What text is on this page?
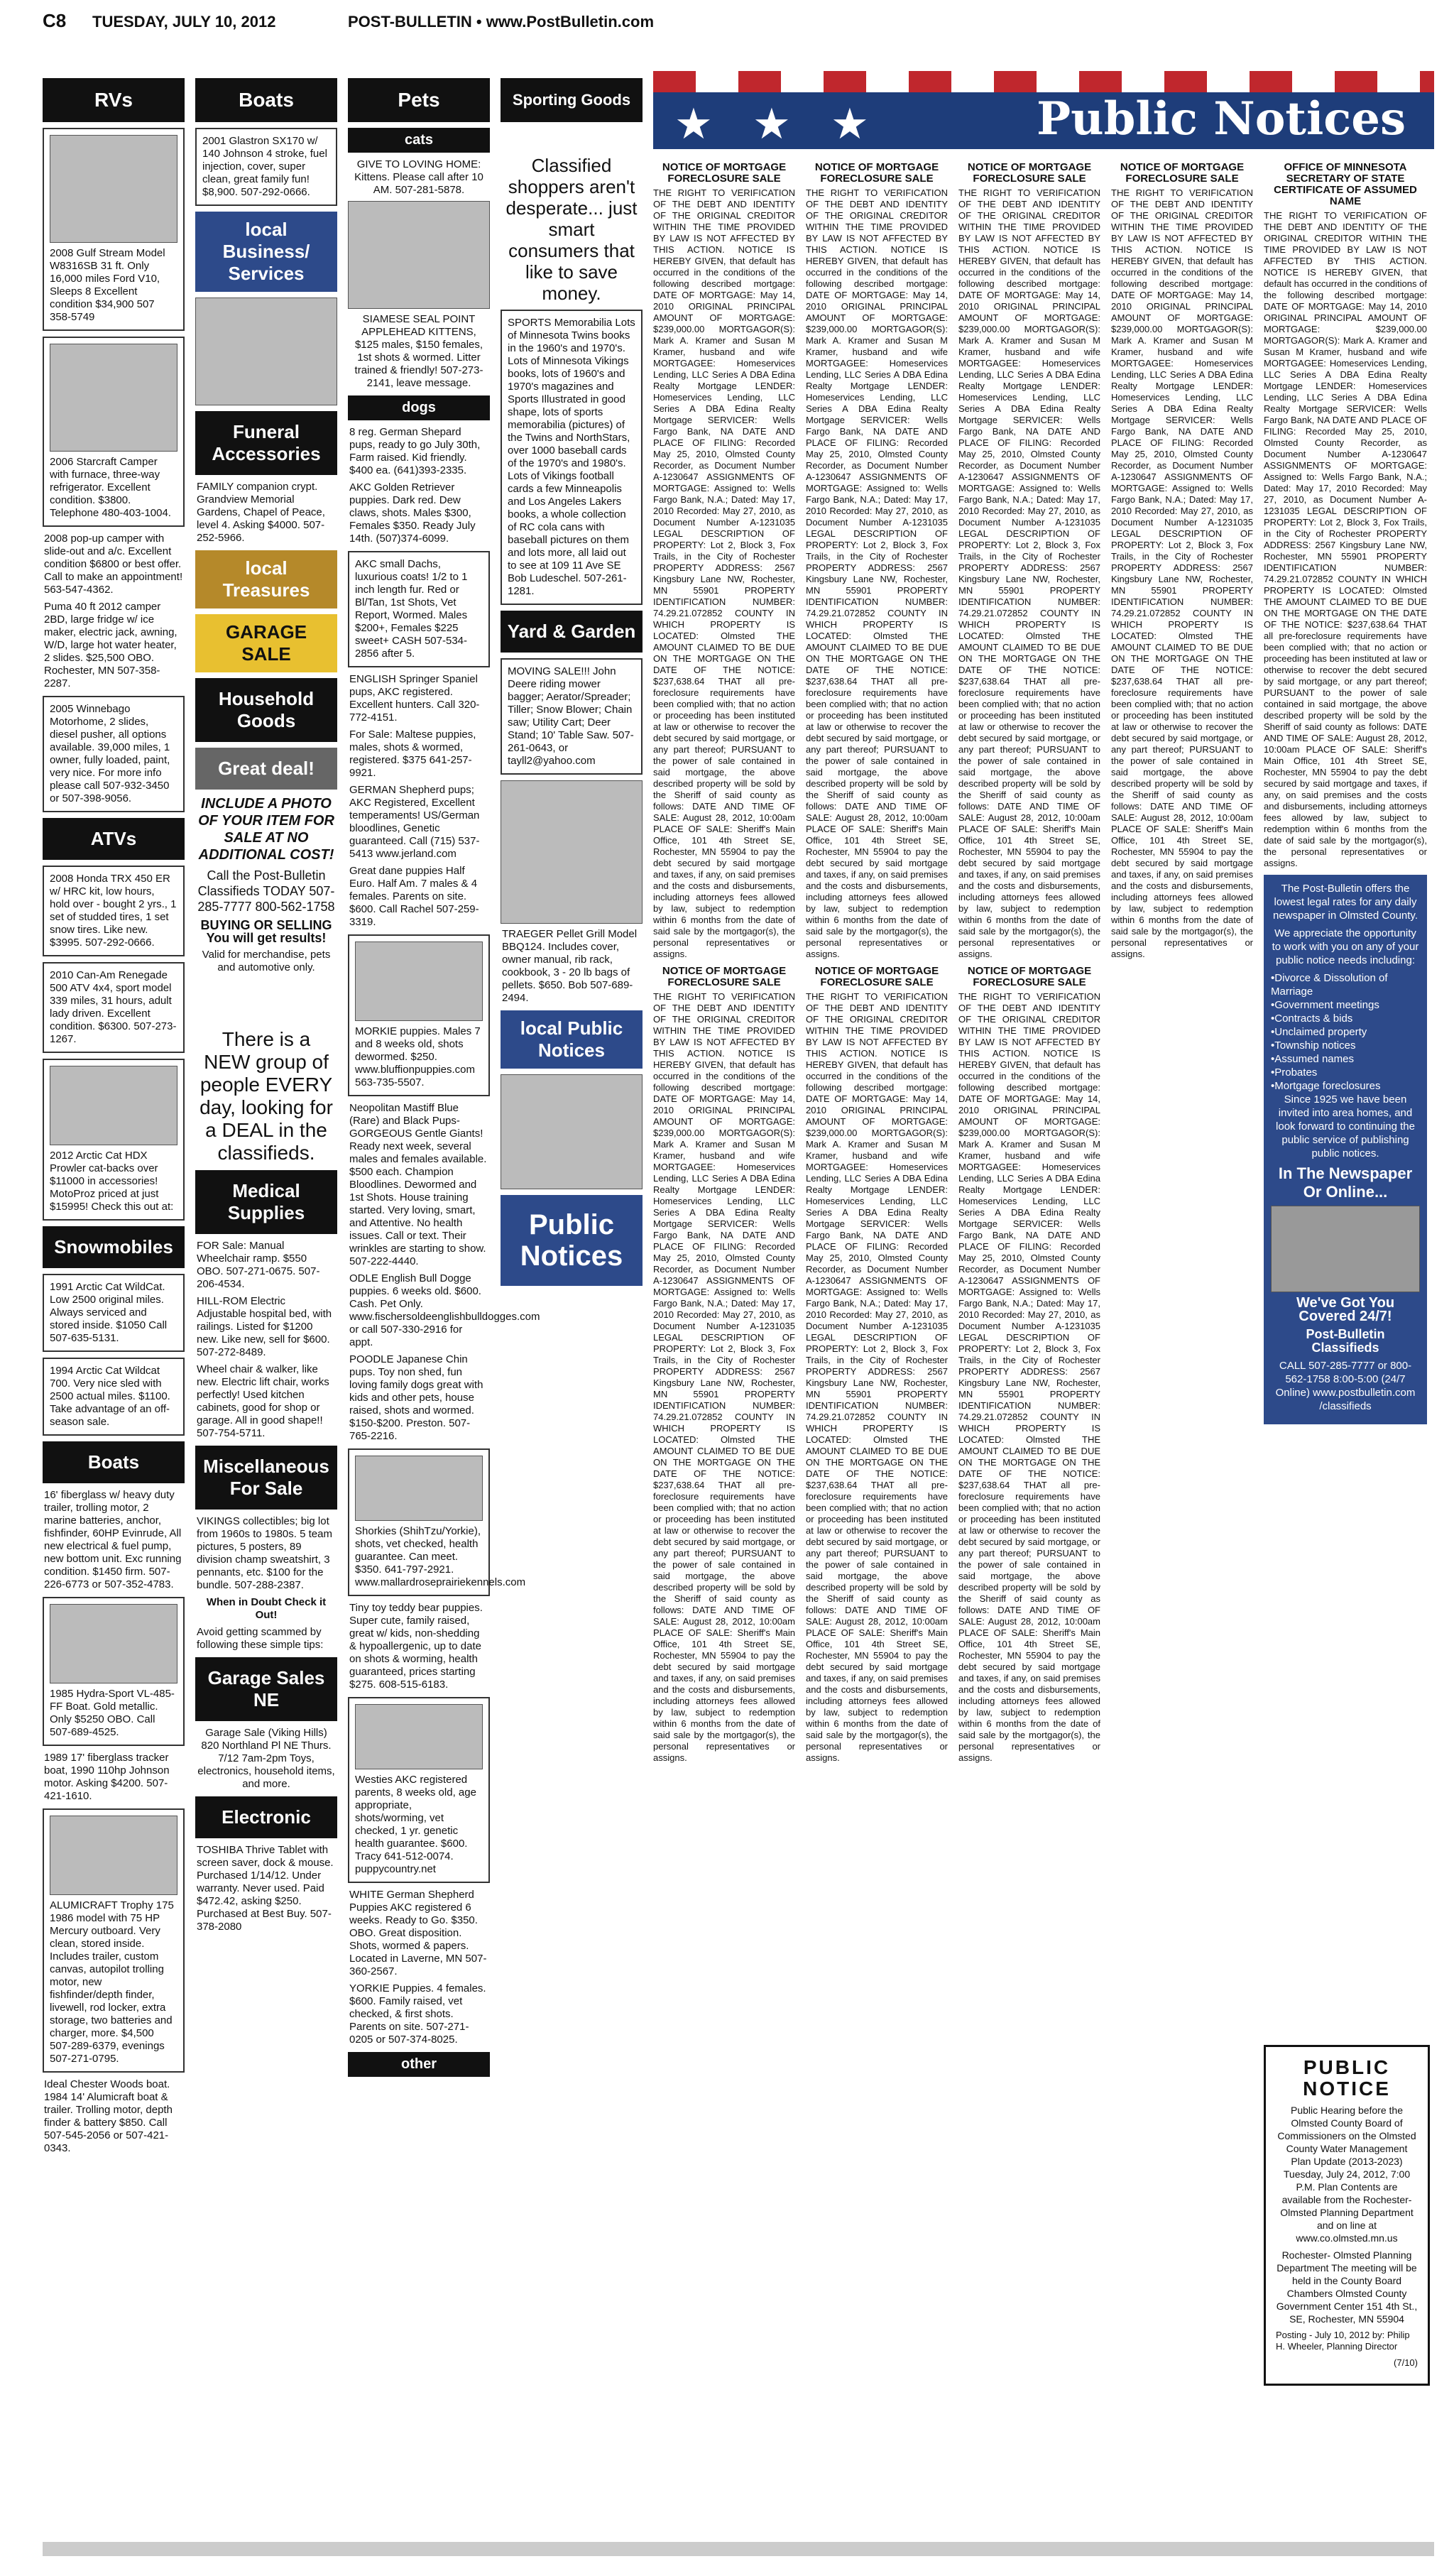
C8 TUESDAY, JULY 10, 2012	POST-BULLETIN • www.PostBulletin.com
RVs
2008 Gulf Stream Model W8316SB 31 ft. Only 16,000 miles Ford V10, Sleeps 8 Excellent condition $34,900 507 358-5749
2006 Starcraft Camper with furnace, three-way refrigerator. Excellent condition. $3800. Telephone 480-403-1004.
2008 pop-up camper with slide-out and a/c. Excellent condition $6800 or best offer. Call to make an appointment! 563-547-4362.
Puma 40 ft 2012 camper 2BD, large fridge w/ ice maker, electric jack, awning, W/D, large hot water heater, 2 slides. $25,500 OBO. Rochester, MN 507-358-2287.
2005 Winnebago Motorhome, 2 slides, diesel pusher, all options available. 39,000 miles, 1 owner, fully loaded, paint, very nice. For more info please call 507-932-3450 or 507-398-9056.
ATVs
2008 Honda TRX 450 ER w/ HRC kit, low hours, hold over - bought 2 yrs., 1 set of studded tires, 1 set snow tires. Like new. $3995. 507-292-0666.
2010 Can-Am Renegade 500 ATV 4x4, sport model 339 miles, 31 hours, adult lady driven. Excellent condition. $6300. 507-273-1267.
2012 Arctic Cat HDX Prowler cat-backs over $11000 in accessories! MotoProz priced at just $15995! Check this out at:
Snowmobiles
1991 Arctic Cat WildCat. Low 2500 original miles. Always serviced and stored inside. $1050 Call 507-635-5131.
1994 Arctic Cat Wildcat 700. Very nice sled with 2500 actual miles. $1100. Take advantage of an off-season sale.
Boats
16' fiberglass w/ heavy duty trailer, trolling motor, 2 marine batteries, anchor, fishfinder, 60HP Evinrude, All new electrical & fuel pump, new bottom unit. Exc running condition. $1450 firm. 507-226-6773 or 507-352-4783.
1985 Hydra-Sport VL-485-FF Boat. Gold metallic. Only $5250 OBO. Call 507-689-4525.
1989 17' fiberglass tracker boat, 1990 110hp Johnson motor. Asking $4200. 507-421-1610.
ALUMICRAFT Trophy 175 1986 model with 75 HP Mercury outboard. Very clean, stored inside. Includes trailer, custom canvas, autopilot trolling motor, new fishfinder/depth finder, livewell, rod locker, extra storage, two batteries and charger, more. $4,500 507-289-6379, evenings 507-271-0795.
Ideal Chester Woods boat. 1984 14' Alumicraft boat & trailer. Trolling motor, depth finder & battery $850. Call 507-545-2056 or 507-421-0343.
Boats
2001 Glastron SX170 w/ 140 Johnson 4 stroke, fuel injection, cover, super clean, great family fun! $8,900. 507-292-0666.
local Business/ Services
Funeral Accessories
FAMILY companion crypt. Grandview Memorial Gardens, Chapel of Peace, level 4. Asking $4000. 507-252-5966.
local Treasures
GARAGE SALE
Household Goods
Great deal!
INCLUDE A PHOTO OF YOUR ITEM FOR SALE AT NO ADDITIONAL COST!
Call the Post-Bulletin Classifieds TODAY 507-285-7777 800-562-1758
BUYING OR SELLING You will get results!
Valid for merchandise, pets and automotive only.
There is a NEW group of people EVERY day, looking for a DEAL in the classifieds.
Medical Supplies
FOR Sale: Manual Wheelchair ramp. $550 OBO. 507-271-0675. 507-206-4534.
HILL-ROM Electric Adjustable hospital bed, with railings. Listed for $1200 new. Like new, sell for $600. 507-272-8489.
Wheel chair & walker, like new. Electric lift chair, works perfectly! Used kitchen cabinets, good for shop or garage. All in good shape!! 507-754-5711.
Miscellaneous For Sale
VIKINGS collectibles; big lot from 1960s to 1980s. 5 team pictures, 5 posters, 89 division champ sweatshirt, 3 pennants, etc. $100 for the bundle. 507-288-2387.
When in Doubt Check it Out!
Avoid getting scammed by following these simple tips:
Garage Sales NE
Garage Sale (Viking Hills) 820 Northland Pl NE Thurs. 7/12 7am-2pm Toys, electronics, household items, and more.
Electronic
TOSHIBA Thrive Tablet with screen saver, dock & mouse. Purchased 1/14/12. Under warranty. Never used. Paid $472.42, asking $250. Purchased at Best Buy. 507-378-2080
Pets
cats
GIVE TO LOVING HOME: Kittens. Please call after 10 AM. 507-281-5878.
SIAMESE SEAL POINT APPLEHEAD KITTENS, $125 males, $150 females, 1st shots & wormed. Litter trained & friendly! 507-273-2141, leave message.
dogs
8 reg. German Shepard pups, ready to go July 30th, Farm raised. Kid friendly. $400 ea. (641)393-2335.
AKC Golden Retriever puppies. Dark red. Dew claws, shots. Males $300, Females $350. Ready July 14th. (507)374-6099.
AKC small Dachs, luxurious coats! 1/2 to 1 inch length fur. Red or Bl/Tan, 1st Shots, Vet Report, Wormed. Males $200+, Females $225 sweet+ CASH 507-534-2856 after 5.
ENGLISH Springer Spaniel pups, AKC registered. Excellent hunters. Call 320-772-4151.
For Sale: Maltese puppies, males, shots & wormed, registered. $375 641-257-9921.
GERMAN Shepherd pups; AKC Registered, Excellent temperaments! US/German bloodlines, Genetic guaranteed. Call (715) 537-5413 www.jerland.com
Great dane puppies Half Euro. Half Am. 7 males & 4 females. Parents on site. $600. Call Rachel 507-259-3319.
MORKIE puppies. Males 7 and 8 weeks old, shots dewormed. $250. www.bluffionpuppies.com 563-735-5507.
Neopolitan Mastiff Blue (Rare) and Black Pups- GORGEOUS Gentle Giants! Ready next week, several males and females available. $500 each. Champion Bloodlines. Dewormed and 1st Shots. House training started. Very loving, smart, and Attentive. No health issues. Call or text. Their wrinkles are starting to show. 507-222-4440.
ODLE English Bull Dogge puppies. 6 weeks old. $600. Cash. Pet Only. www.fischersoldeenglishbulldogges.com or call 507-330-2916 for appt.
POODLE Japanese Chin pups. Toy non shed, fun loving family dogs great with kids and other pets, house raised, shots and wormed. $150-$200. Preston. 507-765-2216.
Shorkies (ShihTzu/Yorkie), shots, vet checked, health guarantee. Can meet. $350. 641-797-2921. www.mallardroseprairiekennels.com
Tiny toy teddy bear puppies. Super cute, family raised, great w/ kids, non-shedding & hypoallergenic, up to date on shots & worming, health guaranteed, prices starting $275. 608-515-6183.
Westies AKC registered parents, 8 weeks old, age appropriate, shots/worming, vet checked, 1 yr. genetic health guarantee. $600. Tracy 641-512-0074. puppycountry.net
WHITE German Shepherd Puppies AKC registered 6 weeks. Ready to Go. $350. OBO. Great disposition. Shots, wormed & papers. Located in Laverne, MN 507-360-2567.
YORKIE Puppies. 4 females. $600. Family raised, vet checked, & first shots. Parents on site. 507-271-0205 or 507-374-8025.
other
Sporting Goods
Classified shoppers aren't desperate... just smart consumers that like to save money.
SPORTS Memorabilia Lots of Minnesota Twins books in the 1960's and 1970's. Lots of Minnesota Vikings books, lots of 1960's and 1970's magazines and Sports Illustrated in good shape, lots of sports memorabilia (pictures) of the Twins and NorthStars, over 1000 baseball cards of the 1970's and 1980's. Lots of Vikings football cards a few Minneapolis and Los Angeles Lakers books, a whole collection of RC cola cans with baseball pictures on them and lots more, all laid out to see at 109 11 Ave SE Bob Ludeschel. 507-261-1281.
Yard & Garden
MOVING SALE!!! John Deere riding mower bagger; Aerator/Spreader; Tiller; Snow Blower; Chain saw; Utility Cart; Deer Stand; 10' Table Saw. 507-261-0643, or tayll2@yahoo.com
TRAEGER Pellet Grill Model BBQ124. Includes cover, owner manual, rib rack, cookbook, 3 - 20 lb bags of pellets. $650. Bob 507-689-2494.
local Public Notices
Public Notices
★ ★ ★	Public Notices
NOTICE OF MORTGAGE FORECLOSURE SALE

THE RIGHT TO VERIFICATION OF THE DEBT AND IDENTITY OF THE ORIGINAL CREDITOR WITHIN THE TIME PROVIDED BY LAW IS NOT AFFECTED BY THIS ACTION. NOTICE IS HEREBY GIVEN, that default has occurred in the conditions of the following described mortgage: DATE OF MORTGAGE: May 14, 2010 ORIGINAL PRINCIPAL AMOUNT OF MORTGAGE: $239,000.00 MORTGAGOR(S): Mark A. Kramer and Susan M Kramer, husband and wife MORTGAGEE: Homeservices Lending, LLC Series A DBA Edina Realty Mortgage LENDER: Homeservices Lending, LLC Series A DBA Edina Realty Mortgage SERVICER: Wells Fargo Bank, NA DATE AND PLACE OF FILING: Recorded May 25, 2010, Olmsted County Recorder, as Document Number A-1230647 ASSIGNMENTS OF MORTGAGE: Assigned to: Wells Fargo Bank, N.A.; Dated: May 17, 2010 Recorded: May 27, 2010, as Document Number A-1231035 LEGAL DESCRIPTION OF PROPERTY: Lot 2, Block 3, Fox Trails, in the City of Rochester PROPERTY ADDRESS: 2567 Kingsbury Lane NW, Rochester, MN 55901 PROPERTY IDENTIFICATION NUMBER: 74.29.21.072852 COUNTY IN WHICH PROPERTY IS LOCATED: Olmsted THE AMOUNT CLAIMED TO BE DUE ON THE MORTGAGE ON THE DATE OF THE NOTICE: $237,638.64 THAT all pre-foreclosure requirements have been complied with; that no action or proceeding has been instituted at law or otherwise to recover the debt secured by said mortgage, or any part thereof; PURSUANT to the power of sale contained in said mortgage, the above described property will be sold by the Sheriff of said county as follows: DATE AND TIME OF SALE: August 28, 2012, 10:00am PLACE OF SALE: Sheriff's Main Office, 101 4th Street SE, Rochester, MN 55904 to pay the debt secured by said mortgage and taxes, if any, on said premises and the costs and disbursements, including attorneys fees allowed by law, subject to redemption within 6 months from the date of said sale by the mortgagor(s), the personal representatives or assigns.

NOTICE OF MORTGAGE FORECLOSURE SALE

THE RIGHT TO VERIFICATION OF THE DEBT AND IDENTITY OF THE ORIGINAL CREDITOR WITHIN THE TIME PROVIDED BY LAW IS NOT AFFECTED BY THIS ACTION. NOTICE IS HEREBY GIVEN, that default has occurred in the conditions of the following described mortgage: DATE OF MORTGAGE: May 14, 2010 ORIGINAL PRINCIPAL AMOUNT OF MORTGAGE: $239,000.00 MORTGAGOR(S): Mark A. Kramer and Susan M Kramer, husband and wife MORTGAGEE: Homeservices Lending, LLC Series A DBA Edina Realty Mortgage LENDER: Homeservices Lending, LLC Series A DBA Edina Realty Mortgage SERVICER: Wells Fargo Bank, NA DATE AND PLACE OF FILING: Recorded May 25, 2010, Olmsted County Recorder, as Document Number A-1230647 ASSIGNMENTS OF MORTGAGE: Assigned to: Wells Fargo Bank, N.A.; Dated: May 17, 2010 Recorded: May 27, 2010, as Document Number A-1231035 LEGAL DESCRIPTION OF PROPERTY: Lot 2, Block 3, Fox Trails, in the City of Rochester PROPERTY ADDRESS: 2567 Kingsbury Lane NW, Rochester, MN 55901 PROPERTY IDENTIFICATION NUMBER: 74.29.21.072852 COUNTY IN WHICH PROPERTY IS LOCATED: Olmsted THE AMOUNT CLAIMED TO BE DUE ON THE MORTGAGE ON THE DATE OF THE NOTICE: $237,638.64 THAT all pre-foreclosure requirements have been complied with; that no action or proceeding has been instituted at law or otherwise to recover the debt secured by said mortgage, or any part thereof; PURSUANT to the power of sale contained in said mortgage, the above described property will be sold by the Sheriff of said county as follows: DATE AND TIME OF SALE: August 28, 2012, 10:00am PLACE OF SALE: Sheriff's Main Office, 101 4th Street SE, Rochester, MN 55904 to pay the debt secured by said mortgage and taxes, if any, on said premises and the costs and disbursements, including attorneys fees allowed by law, subject to redemption within 6 months from the date of said sale by the mortgagor(s), the personal representatives or assigns.

NOTICE OF MORTGAGE FORECLOSURE SALE

THE RIGHT TO VERIFICATION OF THE DEBT AND IDENTITY OF THE ORIGINAL CREDITOR WITHIN THE TIME PROVIDED BY LAW IS NOT AFFECTED BY THIS ACTION. NOTICE IS HEREBY GIVEN, that default has occurred in the conditions of the following described mortgage: DATE OF MORTGAGE: May 14, 2010 ORIGINAL PRINCIPAL AMOUNT OF MORTGAGE: $239,000.00 MORTGAGOR(S): Mark A. Kramer and Susan M Kramer, husband and wife MORTGAGEE: Homeservices Lending, LLC Series A DBA Edina Realty Mortgage LENDER: Homeservices Lending, LLC Series A DBA Edina Realty Mortgage SERVICER: Wells Fargo Bank, NA DATE AND PLACE OF FILING: Recorded May 25, 2010, Olmsted County Recorder, as Document Number A-1230647 ASSIGNMENTS OF MORTGAGE: Assigned to: Wells Fargo Bank, N.A.; Dated: May 17, 2010 Recorded: May 27, 2010, as Document Number A-1231035 LEGAL DESCRIPTION OF PROPERTY: Lot 2, Block 3, Fox Trails, in the City of Rochester PROPERTY ADDRESS: 2567 Kingsbury Lane NW, Rochester, MN 55901 PROPERTY IDENTIFICATION NUMBER: 74.29.21.072852 COUNTY IN WHICH PROPERTY IS LOCATED: Olmsted THE AMOUNT CLAIMED TO BE DUE ON THE MORTGAGE ON THE DATE OF THE NOTICE: $237,638.64 THAT all pre-foreclosure requirements have been complied with; that no action or proceeding has been instituted at law or otherwise to recover the debt secured by said mortgage, or any part thereof; PURSUANT to the power of sale contained in said mortgage, the above described property will be sold by the Sheriff of said county as follows: DATE AND TIME OF SALE: August 28, 2012, 10:00am PLACE OF SALE: Sheriff's Main Office, 101 4th Street SE, Rochester, MN 55904 to pay the debt secured by said mortgage and taxes, if any, on said premises and the costs and disbursements, including attorneys fees allowed by law, subject to redemption within 6 months from the date of said sale by the mortgagor(s), the personal representatives or assigns.

NOTICE OF MORTGAGE FORECLOSURE SALE

THE RIGHT TO VERIFICATION OF THE DEBT AND IDENTITY OF THE ORIGINAL CREDITOR WITHIN THE TIME PROVIDED BY LAW IS NOT AFFECTED BY THIS ACTION. NOTICE IS HEREBY GIVEN, that default has occurred in the conditions of the following described mortgage: DATE OF MORTGAGE: May 14, 2010 ORIGINAL PRINCIPAL AMOUNT OF MORTGAGE: $239,000.00 MORTGAGOR(S): Mark A. Kramer and Susan M Kramer, husband and wife MORTGAGEE: Homeservices Lending, LLC Series A DBA Edina Realty Mortgage LENDER: Homeservices Lending, LLC Series A DBA Edina Realty Mortgage SERVICER: Wells Fargo Bank, NA DATE AND PLACE OF FILING: Recorded May 25, 2010, Olmsted County Recorder, as Document Number A-1230647 ASSIGNMENTS OF MORTGAGE: Assigned to: Wells Fargo Bank, N.A.; Dated: May 17, 2010 Recorded: May 27, 2010, as Document Number A-1231035 LEGAL DESCRIPTION OF PROPERTY: Lot 2, Block 3, Fox Trails, in the City of Rochester PROPERTY ADDRESS: 2567 Kingsbury Lane NW, Rochester, MN 55901 PROPERTY IDENTIFICATION NUMBER: 74.29.21.072852 COUNTY IN WHICH PROPERTY IS LOCATED: Olmsted THE AMOUNT CLAIMED TO BE DUE ON THE MORTGAGE ON THE DATE OF THE NOTICE: $237,638.64 THAT all pre-foreclosure requirements have been complied with; that no action or proceeding has been instituted at law or otherwise to recover the debt secured by said mortgage, or any part thereof; PURSUANT to the power of sale contained in said mortgage, the above described property will be sold by the Sheriff of said county as follows: DATE AND TIME OF SALE: August 28, 2012, 10:00am PLACE OF SALE: Sheriff's Main Office, 101 4th Street SE, Rochester, MN 55904 to pay the debt secured by said mortgage and taxes, if any, on said premises and the costs and disbursements, including attorneys fees allowed by law, subject to redemption within 6 months from the date of said sale by the mortgagor(s), the personal representatives or assigns.

NOTICE OF MORTGAGE FORECLOSURE SALE

THE RIGHT TO VERIFICATION OF THE DEBT AND IDENTITY OF THE ORIGINAL CREDITOR WITHIN THE TIME PROVIDED BY LAW IS NOT AFFECTED BY THIS ACTION. NOTICE IS HEREBY GIVEN, that default has occurred in the conditions of the following described mortgage: DATE OF MORTGAGE: May 14, 2010 ORIGINAL PRINCIPAL AMOUNT OF MORTGAGE: $239,000.00 MORTGAGOR(S): Mark A. Kramer and Susan M Kramer, husband and wife MORTGAGEE: Homeservices Lending, LLC Series A DBA Edina Realty Mortgage LENDER: Homeservices Lending, LLC Series A DBA Edina Realty Mortgage SERVICER: Wells Fargo Bank, NA DATE AND PLACE OF FILING: Recorded May 25, 2010, Olmsted County Recorder, as Document Number A-1230647 ASSIGNMENTS OF MORTGAGE: Assigned to: Wells Fargo Bank, N.A.; Dated: May 17, 2010 Recorded: May 27, 2010, as Document Number A-1231035 LEGAL DESCRIPTION OF PROPERTY: Lot 2, Block 3, Fox Trails, in the City of Rochester PROPERTY ADDRESS: 2567 Kingsbury Lane NW, Rochester, MN 55901 PROPERTY IDENTIFICATION NUMBER: 74.29.21.072852 COUNTY IN WHICH PROPERTY IS LOCATED: Olmsted THE AMOUNT CLAIMED TO BE DUE ON THE MORTGAGE ON THE DATE OF THE NOTICE: $237,638.64 THAT all pre-foreclosure requirements have been complied with; that no action or proceeding has been instituted at law or otherwise to recover the debt secured by said mortgage, or any part thereof; PURSUANT to the power of sale contained in said mortgage, the above described property will be sold by the Sheriff of said county as follows: DATE AND TIME OF SALE: August 28, 2012, 10:00am PLACE OF SALE: Sheriff's Main Office, 101 4th Street SE, Rochester, MN 55904 to pay the debt secured by said mortgage and taxes, if any, on said premises and the costs and disbursements, including attorneys fees allowed by law, subject to redemption within 6 months from the date of said sale by the mortgagor(s), the personal representatives or assigns.

NOTICE OF MORTGAGE FORECLOSURE SALE

THE RIGHT TO VERIFICATION OF THE DEBT AND IDENTITY OF THE ORIGINAL CREDITOR WITHIN THE TIME PROVIDED BY LAW IS NOT AFFECTED BY THIS ACTION. NOTICE IS HEREBY GIVEN, that default has occurred in the conditions of the following described mortgage: DATE OF MORTGAGE: May 14, 2010 ORIGINAL PRINCIPAL AMOUNT OF MORTGAGE: $239,000.00 MORTGAGOR(S): Mark A. Kramer and Susan M Kramer, husband and wife MORTGAGEE: Homeservices Lending, LLC Series A DBA Edina Realty Mortgage LENDER: Homeservices Lending, LLC Series A DBA Edina Realty Mortgage SERVICER: Wells Fargo Bank, NA DATE AND PLACE OF FILING: Recorded May 25, 2010, Olmsted County Recorder, as Document Number A-1230647 ASSIGNMENTS OF MORTGAGE: Assigned to: Wells Fargo Bank, N.A.; Dated: May 17, 2010 Recorded: May 27, 2010, as Document Number A-1231035 LEGAL DESCRIPTION OF PROPERTY: Lot 2, Block 3, Fox Trails, in the City of Rochester PROPERTY ADDRESS: 2567 Kingsbury Lane NW, Rochester, MN 55901 PROPERTY IDENTIFICATION NUMBER: 74.29.21.072852 COUNTY IN WHICH PROPERTY IS LOCATED: Olmsted THE AMOUNT CLAIMED TO BE DUE ON THE MORTGAGE ON THE DATE OF THE NOTICE: $237,638.64 THAT all pre-foreclosure requirements have been complied with; that no action or proceeding has been instituted at law or otherwise to recover the debt secured by said mortgage, or any part thereof; PURSUANT to the power of sale contained in said mortgage, the above described property will be sold by the Sheriff of said county as follows: DATE AND TIME OF SALE: August 28, 2012, 10:00am PLACE OF SALE: Sheriff's Main Office, 101 4th Street SE, Rochester, MN 55904 to pay the debt secured by said mortgage and taxes, if any, on said premises and the costs and disbursements, including attorneys fees allowed by law, subject to redemption within 6 months from the date of said sale by the mortgagor(s), the personal representatives or assigns.

NOTICE OF MORTGAGE FORECLOSURE SALE

THE RIGHT TO VERIFICATION OF THE DEBT AND IDENTITY OF THE ORIGINAL CREDITOR WITHIN THE TIME PROVIDED BY LAW IS NOT AFFECTED BY THIS ACTION. NOTICE IS HEREBY GIVEN, that default has occurred in the conditions of the following described mortgage: DATE OF MORTGAGE: May 14, 2010 ORIGINAL PRINCIPAL AMOUNT OF MORTGAGE: $239,000.00 MORTGAGOR(S): Mark A. Kramer and Susan M Kramer, husband and wife MORTGAGEE: Homeservices Lending, LLC Series A DBA Edina Realty Mortgage LENDER: Homeservices Lending, LLC Series A DBA Edina Realty Mortgage SERVICER: Wells Fargo Bank, NA DATE AND PLACE OF FILING: Recorded May 25, 2010, Olmsted County Recorder, as Document Number A-1230647 ASSIGNMENTS OF MORTGAGE: Assigned to: Wells Fargo Bank, N.A.; Dated: May 17, 2010 Recorded: May 27, 2010, as Document Number A-1231035 LEGAL DESCRIPTION OF PROPERTY: Lot 2, Block 3, Fox Trails, in the City of Rochester PROPERTY ADDRESS: 2567 Kingsbury Lane NW, Rochester, MN 55901 PROPERTY IDENTIFICATION NUMBER: 74.29.21.072852 COUNTY IN WHICH PROPERTY IS LOCATED: Olmsted THE AMOUNT CLAIMED TO BE DUE ON THE MORTGAGE ON THE DATE OF THE NOTICE: $237,638.64 THAT all pre-foreclosure requirements have been complied with; that no action or proceeding has been instituted at law or otherwise to recover the debt secured by said mortgage, or any part thereof; PURSUANT to the power of sale contained in said mortgage, the above described property will be sold by the Sheriff of said county as follows: DATE AND TIME OF SALE: August 28, 2012, 10:00am PLACE OF SALE: Sheriff's Main Office, 101 4th Street SE, Rochester, MN 55904 to pay the debt secured by said mortgage and taxes, if any, on said premises and the costs and disbursements, including attorneys fees allowed by law, subject to redemption within 6 months from the date of said sale by the mortgagor(s), the personal representatives or assigns.

OFFICE OF MINNESOTA SECRETARY OF STATE CERTIFICATE OF ASSUMED NAME

THE RIGHT TO VERIFICATION OF THE DEBT AND IDENTITY OF THE ORIGINAL CREDITOR WITHIN THE TIME PROVIDED BY LAW IS NOT AFFECTED BY THIS ACTION. NOTICE IS HEREBY GIVEN, that default has occurred in the conditions of the following described mortgage: DATE OF MORTGAGE: May 14, 2010 ORIGINAL PRINCIPAL AMOUNT OF MORTGAGE: $239,000.00 MORTGAGOR(S): Mark A. Kramer and Susan M Kramer, husband and wife MORTGAGEE: Homeservices Lending, LLC Series A DBA Edina Realty Mortgage LENDER: Homeservices Lending, LLC Series A DBA Edina Realty Mortgage SERVICER: Wells Fargo Bank, NA DATE AND PLACE OF FILING: Recorded May 25, 2010, Olmsted County Recorder, as Document Number A-1230647 ASSIGNMENTS OF MORTGAGE: Assigned to: Wells Fargo Bank, N.A.; Dated: May 17, 2010 Recorded: May 27, 2010, as Document Number A-1231035 LEGAL DESCRIPTION OF PROPERTY: Lot 2, Block 3, Fox Trails, in the City of Rochester PROPERTY ADDRESS: 2567 Kingsbury Lane NW, Rochester, MN 55901 PROPERTY IDENTIFICATION NUMBER: 74.29.21.072852 COUNTY IN WHICH PROPERTY IS LOCATED: Olmsted THE AMOUNT CLAIMED TO BE DUE ON THE MORTGAGE ON THE DATE OF THE NOTICE: $237,638.64 THAT all pre-foreclosure requirements have been complied with; that no action or proceeding has been instituted at law or otherwise to recover the debt secured by said mortgage, or any part thereof; PURSUANT to the power of sale contained in said mortgage, the above described property will be sold by the Sheriff of said county as follows: DATE AND TIME OF SALE: August 28, 2012, 10:00am PLACE OF SALE: Sheriff's Main Office, 101 4th Street SE, Rochester, MN 55904 to pay the debt secured by said mortgage and taxes, if any, on said premises and the costs and disbursements, including attorneys fees allowed by law, subject to redemption within 6 months from the date of said sale by the mortgagor(s), the personal representatives or assigns.

The Post-Bulletin offers the lowest legal rates for any daily newspaper in Olmsted County.

We appreciate the opportunity to work with you on any of your public notice needs including:

•Divorce & Dissolution of Marriage
•Government meetings
•Contracts & bids
•Unclaimed property
•Township notices
•Assumed names
•Probates
•Mortgage foreclosures

Since 1925 we have been invited into area homes, and look forward to continuing the public service of publishing public notices.

In The Newspaper Or Online...

We've Got You Covered 24/7!

Post-Bulletin Classifieds

CALL 507-285-7777 or 800-562-1758 8:00-5:00 (24/7 Online) www.postbulletin.com /classifieds

PUBLIC NOTICE
Public Hearing before the Olmsted County Board of Commissioners on the Olmsted County Water Management Plan Update (2013-2023) Tuesday, July 24, 2012, 7:00 P.M. Plan Contents are available from the Rochester-Olmsted Planning Department and on line at www.co.olmsted.mn.us
Rochester- Olmsted Planning Department The meeting will be held in the County Board Chambers Olmsted County Government Center 151 4th St., SE, Rochester, MN 55904
Posting - July 10, 2012 by: Philip H. Wheeler, Planning Director
(7/10)
